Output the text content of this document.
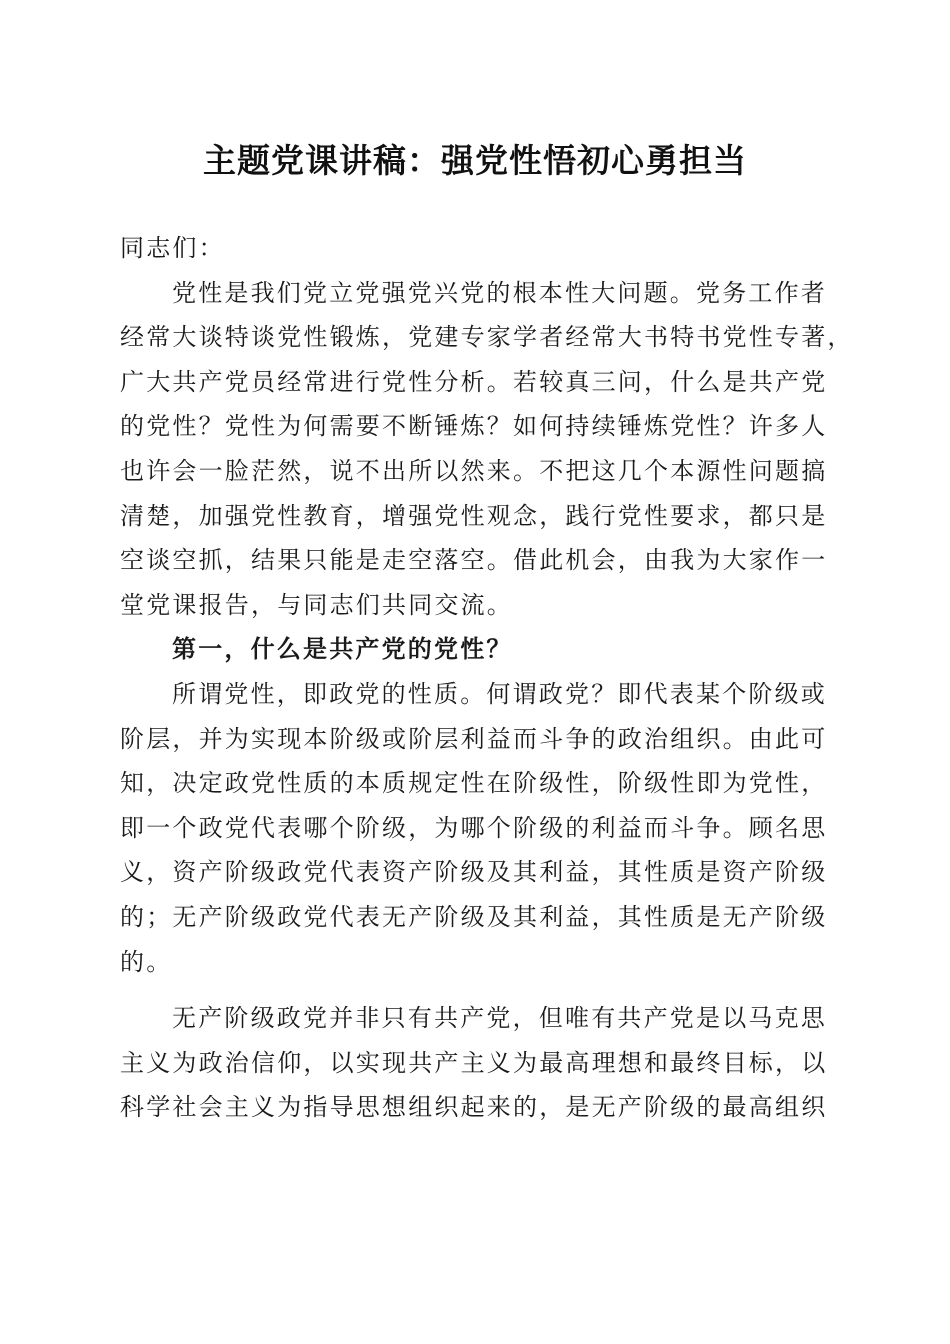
主题党课讲稿：强党性悟初心勇担当
同志们：
党性是我们党立党强党兴党的根本性大问题。党务工作者
经常大谈特谈党性锻炼，党建专家学者经常大书特书党性专著，
广大共产党员经常进行党性分析。若较真三问，什么是共产党
的党性？党性为何需要不断锤炼？如何持续锤炼党性？许多人
也许会一脸茫然，说不出所以然来。不把这几个本源性问题搞
清楚，加强党性教育，增强党性观念，践行党性要求，都只是
空谈空抓，结果只能是走空落空。借此机会，由我为大家作一
堂党课报告，与同志们共同交流。
第一，什么是共产党的党性？
所谓党性，即政党的性质。何谓政党？即代表某个阶级或
阶层，并为实现本阶级或阶层利益而斗争的政治组织。由此可
知，决定政党性质的本质规定性在阶级性，阶级性即为党性，
即一个政党代表哪个阶级，为哪个阶级的利益而斗争。顾名思
义，资产阶级政党代表资产阶级及其利益，其性质是资产阶级
的；无产阶级政党代表无产阶级及其利益，其性质是无产阶级
的。
无产阶级政党并非只有共产党，但唯有共产党是以马克思
主义为政治信仰，以实现共产主义为最高理想和最终目标，以
科学社会主义为指导思想组织起来的，是无产阶级的最高组织
